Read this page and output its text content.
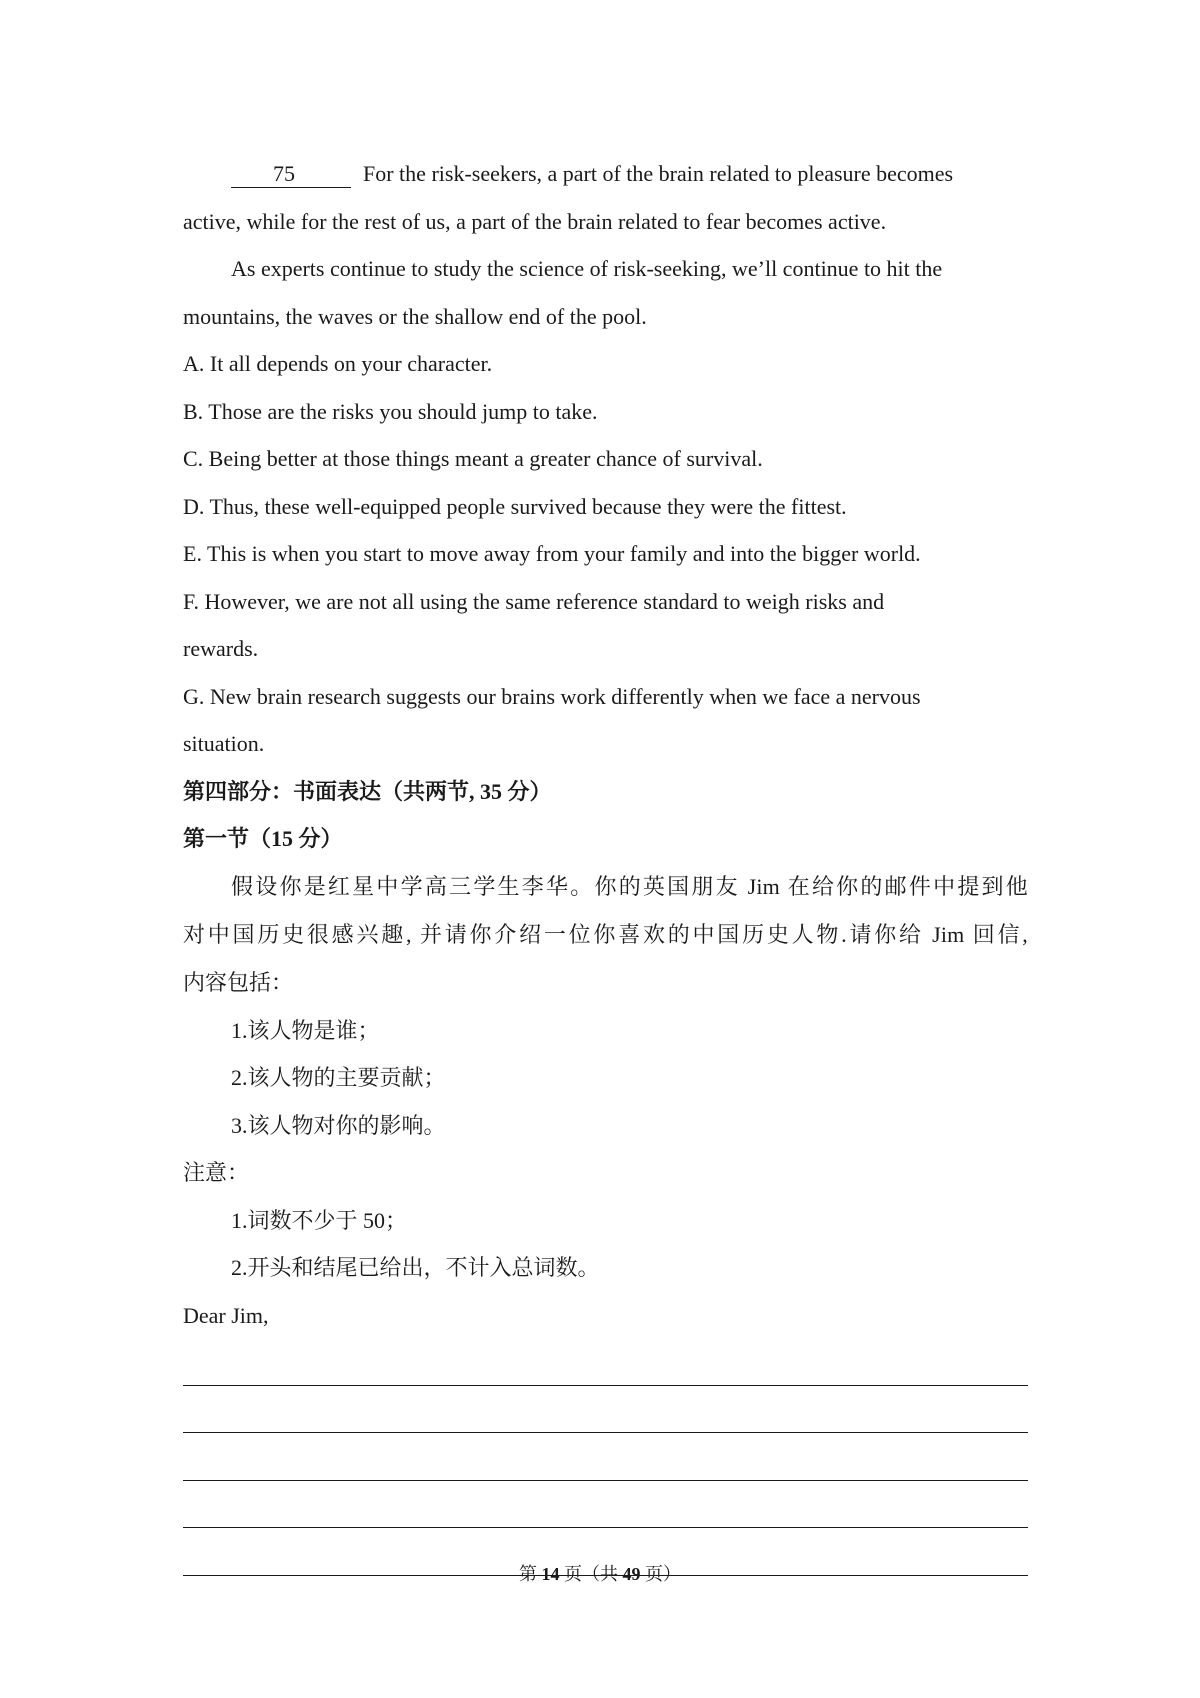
75	For the risk-seekers, a part of the brain related to pleasure becomes
active, while for the rest of us, a part of the brain related to fear becomes active.
As experts continue to study the science of risk-seeking, we’ll continue to hit the
mountains, the waves or the shallow end of the pool.
A. It all depends on your character.
B. Those are the risks you should jump to take.
C. Being better at those things meant a greater chance of survival.
D. Thus, these well-equipped people survived because they were the fittest.
E. This is when you start to move away from your family and into the bigger world.
F. However, we are not all using the same reference standard to weigh risks and
rewards.
G. New brain research suggests our brains work differently when we face a nervous
situation.
第四部分：书面表达（共两节, 35 分）
第一节（15 分）
假设你是红星中学高三学生李华。你的英国朋友 Jim 在给你的邮件中提到他
对中国历史很感兴趣, 并请你介绍一位你喜欢的中国历史人物.请你给 Jim 回信,
内容包括：
1.该人物是谁；
2.该人物的主要贡献；
3.该人物对你的影响。
注意：
1.词数不少于 50；
2.开头和结尾已给出，不计入总词数。
Dear Jim,
第 14 页（共 49 页）
